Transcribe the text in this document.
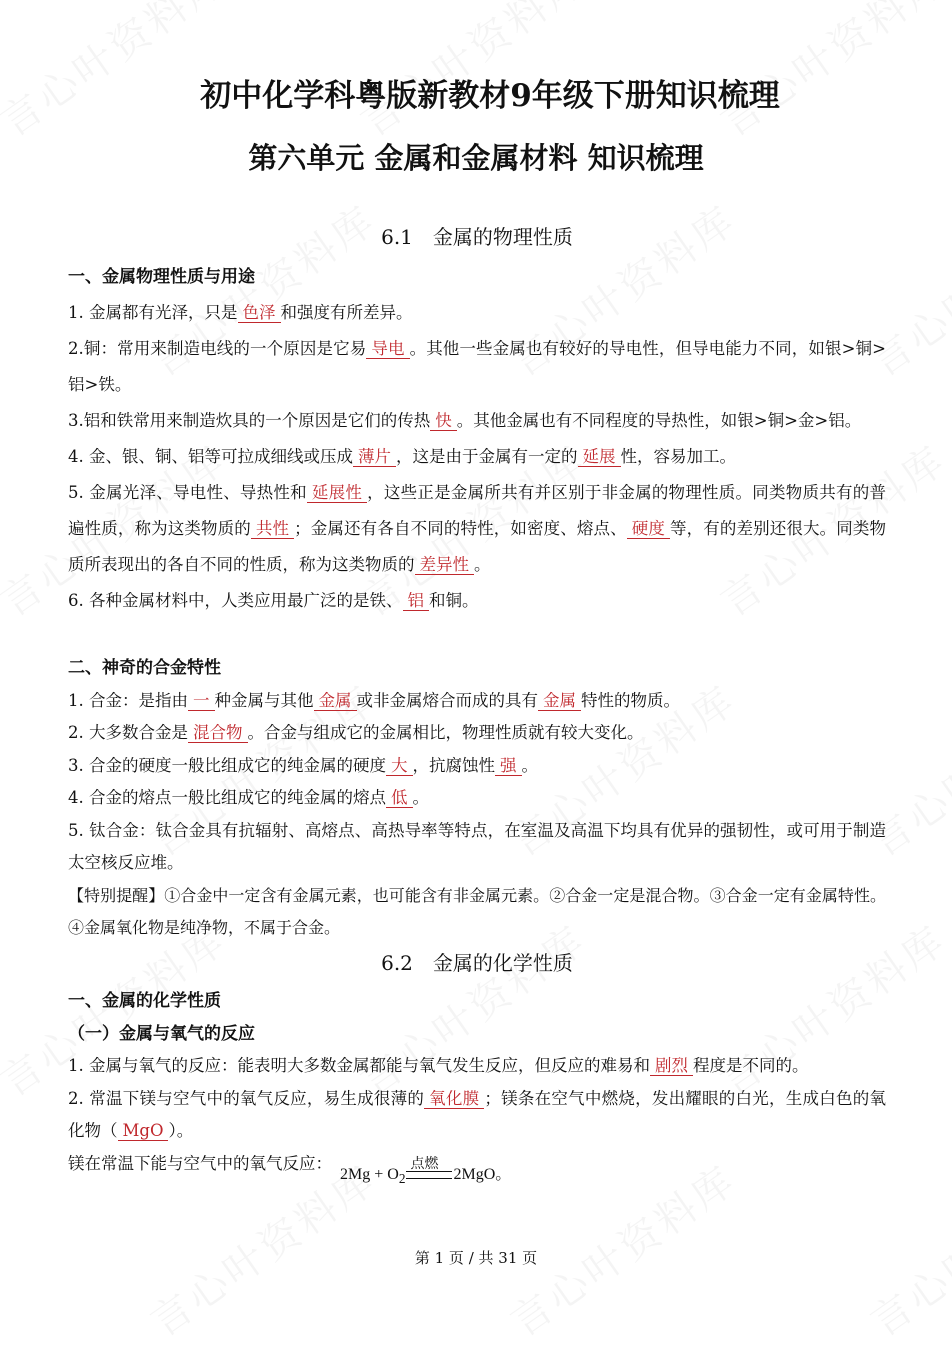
初中化学科粤版新教材9年级下册知识梳理
第六单元 金属和金属材料 知识梳理
6.1　金属的物理性质
一、金属物理性质与用途
1. 金属都有光泽，只是 色泽 和强度有所差异。
2.铜：常用来制造电线的一个原因是它易 导电 。其他一些金属也有较好的导电性，但导电能力不同，如银>铜>铝>铁。
3.铝和铁常用来制造炊具的一个原因是它们的传热 快 。其他金属也有不同程度的导热性，如银>铜>金>铝。
4. 金、银、铜、铝等可拉成细线或压成 薄片 ，这是由于金属有一定的 延展 性，容易加工。
5. 金属光泽、导电性、导热性和 延展性 ，这些正是金属所共有并区别于非金属的物理性质。同类物质共有的普遍性质，称为这类物质的 共性 ；金属还有各自不同的特性，如密度、熔点、 硬度 等，有的差别还很大。同类物质所表现出的各自不同的性质，称为这类物质的 差异性 。
6. 各种金属材料中，人类应用最广泛的是铁、 铝 和铜。
二、神奇的合金特性
1. 合金：是指由 一 种金属与其他 金属 或非金属熔合而成的具有 金属 特性的物质。
2. 大多数合金是 混合物 。合金与组成它的金属相比，物理性质就有较大变化。
3. 合金的硬度一般比组成它的纯金属的硬度 大 ，抗腐蚀性 强 。
4. 合金的熔点一般比组成它的纯金属的熔点 低 。
5. 钛合金：钛合金具有抗辐射、高熔点、高热导率等特点，在室温及高温下均具有优异的强韧性，或可用于制造太空核反应堆。
【特别提醒】①合金中一定含有金属元素，也可能含有非金属元素。②合金一定是混合物。③合金一定有金属特性。④金属氧化物是纯净物，不属于合金。
6.2　金属的化学性质
一、金属的化学性质
（一）金属与氧气的反应
1. 金属与氧气的反应：能表明大多数金属都能与氧气发生反应，但反应的难易和 剧烈 程度是不同的。
2. 常温下镁与空气中的氧气反应，易生成很薄的 氧化膜 ；镁条在空气中燃烧，发出耀眼的白光，生成白色的氧化物（ MgO ）。
镁在常温下能与空气中的氧气反应：$2Mg + O_2$
点燃
2MgO。
第 1 页 / 共 31 页
